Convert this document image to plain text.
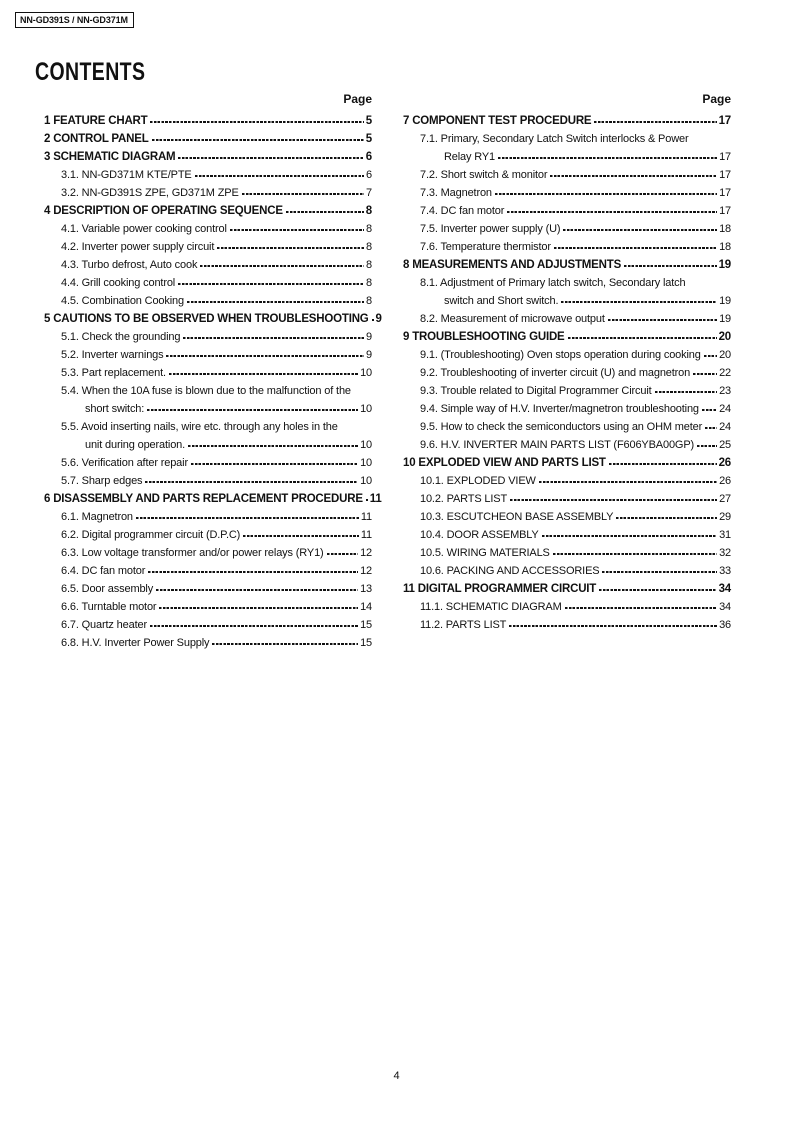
NN-GD391S / NN-GD371M
CONTENTS
Page
1 FEATURE CHART	5
2 CONTROL PANEL	5
3 SCHEMATIC DIAGRAM	6
3.1. NN-GD371M KTE/PTE	6
3.2. NN-GD391S ZPE, GD371M ZPE	7
4 DESCRIPTION OF OPERATING SEQUENCE	8
4.1. Variable power cooking control	8
4.2. Inverter power supply circuit	8
4.3. Turbo defrost, Auto cook	8
4.4. Grill cooking control	8
4.5. Combination Cooking	8
5 CAUTIONS TO BE OBSERVED WHEN TROUBLESHOOTING 9
5.1. Check the grounding	9
5.2. Inverter warnings	9
5.3. Part replacement.	10
5.4. When the 10A fuse is blown due to the malfunction of the
short switch:	10
5.5. Avoid inserting nails, wire etc. through any holes in the
unit during operation.	10
5.6. Verification after repair	10
5.7. Sharp edges	10
6 DISASSEMBLY AND PARTS REPLACEMENT PROCEDURE 11
6.1. Magnetron	11
6.2. Digital programmer circuit (D.P.C)	11
6.3. Low voltage transformer and/or power relays (RY1)	12
6.4. DC fan motor	12
6.5. Door assembly	13
6.6. Turntable motor	14
6.7. Quartz heater	15
6.8. H.V. Inverter Power Supply	15
Page
7 COMPONENT TEST PROCEDURE	17
7.1. Primary, Secondary Latch Switch interlocks & Power
Relay RY1	17
7.2. Short switch & monitor	17
7.3. Magnetron	17
7.4. DC fan motor	17
7.5. Inverter power supply (U)	18
7.6. Temperature thermistor	18
8 MEASUREMENTS AND ADJUSTMENTS	19
8.1. Adjustment of Primary latch switch, Secondary latch
switch and Short switch.	19
8.2. Measurement of microwave output	19
9 TROUBLESHOOTING GUIDE	20
9.1. (Troubleshooting) Oven stops operation during cooking 20
9.2. Troubleshooting of inverter circuit (U) and magnetron	22
9.3. Trouble related to Digital Programmer Circuit	23
9.4. Simple way of H.V. Inverter/magnetron troubleshooting 24
9.5. How to check the semiconductors using an OHM meter 24
9.6. H.V. INVERTER MAIN PARTS LIST (F606YBA00GP) 25
10 EXPLODED VIEW AND PARTS LIST	26
10.1. EXPLODED VIEW	26
10.2. PARTS LIST	27
10.3. ESCUTCHEON BASE ASSEMBLY	29
10.4. DOOR ASSEMBLY	31
10.5. WIRING MATERIALS	32
10.6. PACKING AND ACCESSORIES	33
11 DIGITAL PROGRAMMER CIRCUIT	34
11.1. SCHEMATIC DIAGRAM	34
11.2. PARTS LIST	36
4
